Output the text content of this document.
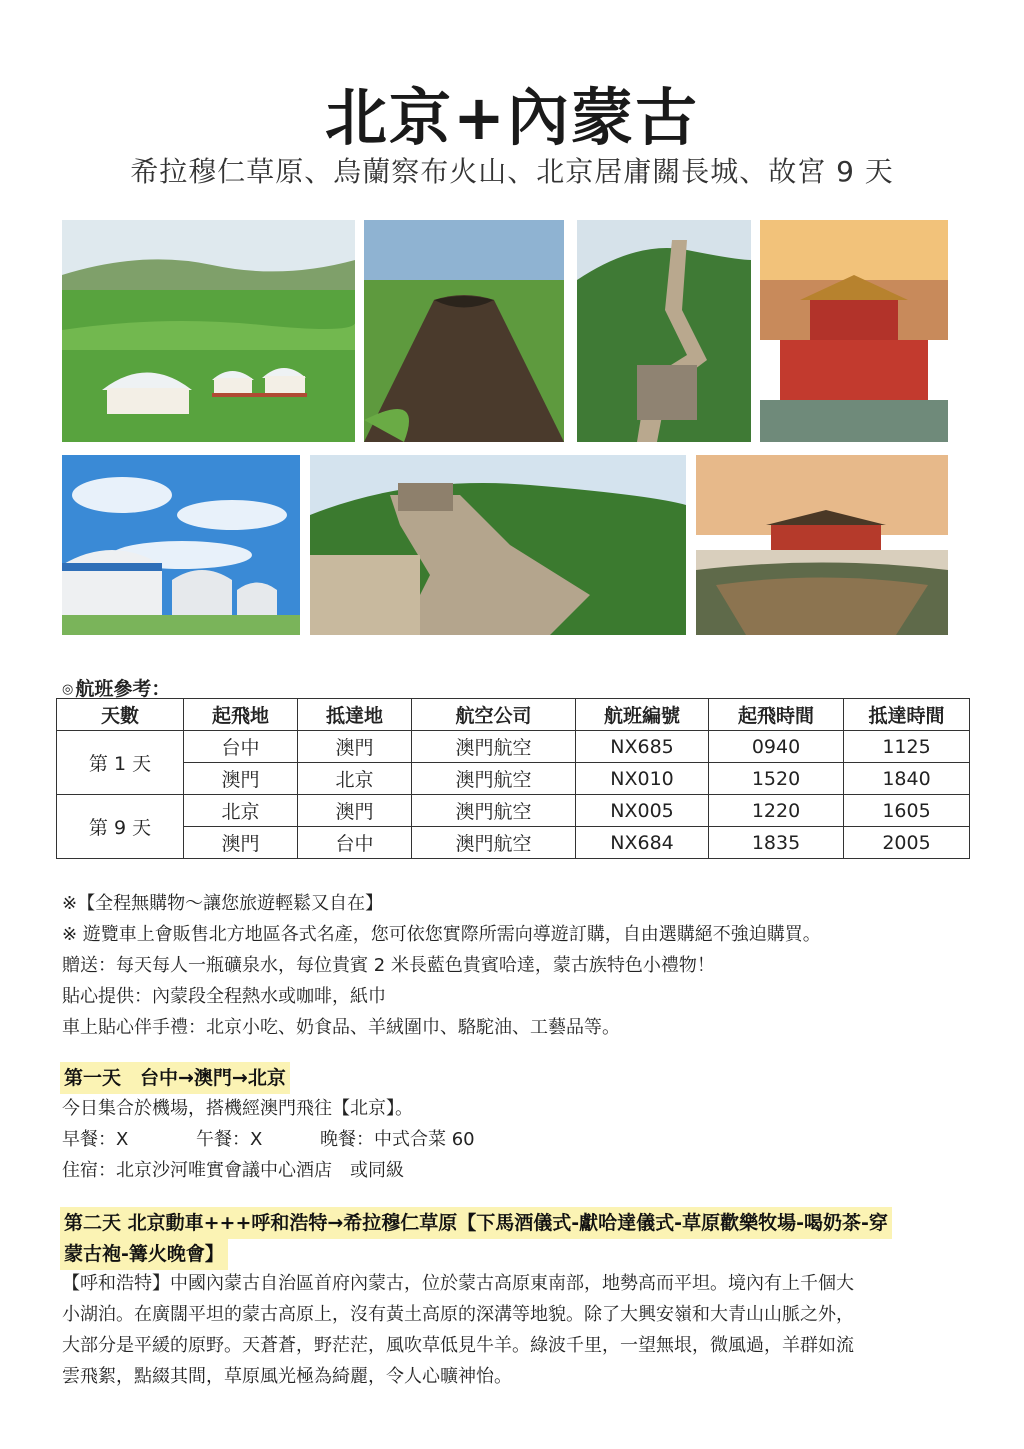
北京+內蒙古
希拉穆仁草原、烏蘭察布火山、北京居庸關長城、故宮 9 天
◎ 航班參考：
天數	起飛地	抵達地	航空公司	航班編號	起飛時間	抵達時間
第 1 天	台中	澳門	澳門航空	NX685	0940	1125
	澳門	北京	澳門航空	NX010	1520	1840
第 9 天	北京	澳門	澳門航空	NX005	1220	1605
	澳門	台中	澳門航空	NX684	1835	2005
※【全程無購物～讓您旅遊輕鬆又自在】
※ 遊覽車上會販售北方地區各式名產，您可依您實際所需向導遊訂購，自由選購絕不強迫購買。
贈送：每天每人一瓶礦泉水，每位貴賓 2 米長藍色貴賓哈達，蒙古族特色小禮物！
貼心提供：內蒙段全程熱水或咖啡，紙巾
車上貼心伴手禮：北京小吃、奶食品、羊絨圍巾、駱駝油、工藝品等。
第一天　台中→澳門→北京
今日集合於機場，搭機經澳門飛往【北京】。
早餐：X	午餐：X	晚餐：中式合菜 60
住宿：北京沙河唯實會議中心酒店　或同級
第二天 北京動車+++呼和浩特→希拉穆仁草原【下馬酒儀式-獻哈達儀式-草原歡樂牧場-喝奶茶-穿
蒙古袍-篝火晚會】
【呼和浩特】中國內蒙古自治區首府內蒙古，位於蒙古高原東南部，地勢高而平坦。境內有上千個大
小湖泊。在廣闊平坦的蒙古高原上，沒有黃土高原的深溝等地貌。除了大興安嶺和大青山山脈之外，
大部分是平緩的原野。天蒼蒼，野茫茫，風吹草低見牛羊。綠波千里，一望無垠，微風過，羊群如流
雲飛絮，點綴其間，草原風光極為綺麗，令人心曠神怡。
